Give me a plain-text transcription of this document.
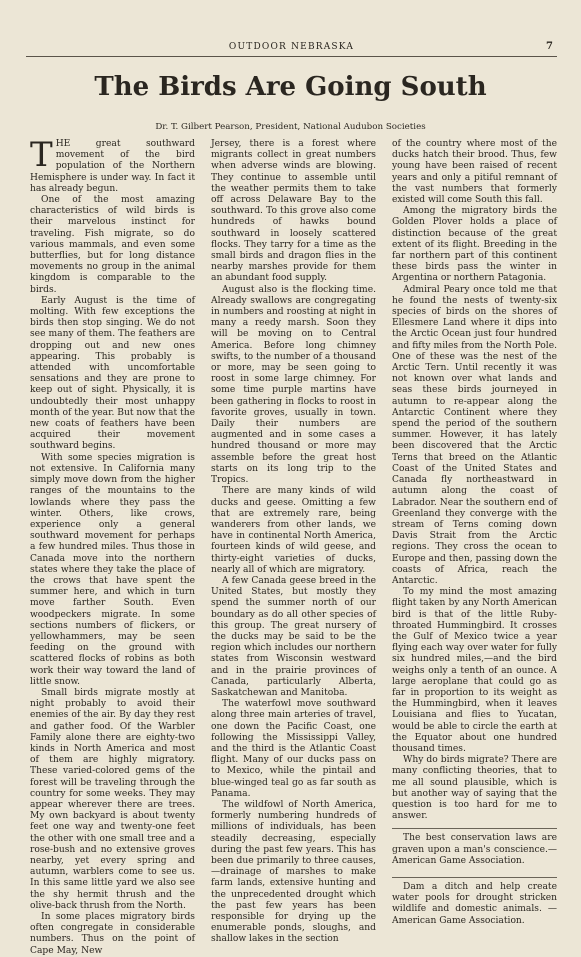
OUTDOOR NEBRASKA	7
The Birds Are Going South

Dr. T. Gilbert Pearson, President, National Audubon Societies

THE great southward movement of the bird population of the Northern Hemisphere is under way. In fact it has already begun.

One of the most amazing characteristics of wild birds is their marvelous instinct for traveling. Fish migrate, so do various mammals, and even some butterflies, but for long distance movements no group in the animal kingdom is comparable to the birds.

Early August is the time of molting. With few exceptions the birds then stop singing. We do not see many of them. The feathers are dropping out and new ones appearing. This probably is attended with uncomfortable sensations and they are prone to keep out of sight. Physically, it is undoubtedly their most unhappy month of the year. But now that the new coats of feathers have been acquired their movement southward begins.

With some species migration is not extensive. In California many simply move down from the higher ranges of the mountains to the lowlands where they pass the winter. Others, like crows, experience only a general southward movement for perhaps a few hundred miles. Thus those in Canada move into the northern states where they take the place of the crows that have spent the summer here, and which in turn move farther South. Even woodpeckers migrate. In some sections numbers of flickers, or yellowhammers, may be seen feeding on the ground with scattered flocks of robins as both work their way toward the land of little snow.

Small birds migrate mostly at night probably to avoid their enemies of the air. By day they rest and gather food. Of the Warbler Family alone there are eighty-two kinds in North America and most of them are highly migratory. These varied-colored gems of the forest will be traveling through the country for some weeks. They may appear wherever there are trees. My own backyard is about twenty feet one way and twenty-one feet the other with one small tree and a rose-bush and no extensive groves nearby, yet every spring and autumn, warblers come to see us. In this same little yard we also see the shy hermit thrush and the olive-back thrush from the North.

In some places migratory birds often congregate in considerable numbers. Thus on the point of Cape May, New

Jersey, there is a forest where migrants collect in great numbers when adverse winds are blowing. They continue to assemble until the weather permits them to take off across Delaware Bay to the southward. To this grove also come hundreds of hawks bound southward in loosely scattered flocks. They tarry for a time as the small birds and dragon flies in the nearby marshes provide for them an abundant food supply.

August also is the flocking time. Already swallows are congregating in numbers and roosting at night in many a reedy marsh. Soon they will be moving on to Central America. Before long chimney swifts, to the number of a thousand or more, may be seen going to roost in some large chimney. For some time purple martins have been gathering in flocks to roost in favorite groves, usually in town. Daily their numbers are augmented and in some cases a hundred thousand or more may assemble before the great host starts on its long trip to the Tropics.

There are many kinds of wild ducks and geese. Omitting a few that are extremely rare, being wanderers from other lands, we have in continental North America, fourteen kinds of wild geese, and thirty-eight varieties of ducks, nearly all of which are migratory.

A few Canada geese breed in the United States, but mostly they spend the summer north of our boundary as do all other species of this group. The great nursery of the ducks may be said to be the region which includes our northern states from Wisconsin westward and in the prairie provinces of Canada, particularly Alberta, Saskatchewan and Manitoba.

The waterfowl move southward along three main arteries of travel, one down the Pacific Coast, one following the Mississippi Valley, and the third is the Atlantic Coast flight. Many of our ducks pass on to Mexico, while the pintail and blue-winged teal go as far south as Panama.

The wildfowl of North America, formerly numbering hundreds of millions of individuals, has been steadily decreasing, especially during the past few years. This has been due primarily to three causes,—drainage of marshes to make farm lands, extensive hunting and the unprecedented drought which the past few years has been responsible for drying up the enumerable ponds, sloughs, and shallow lakes in the section

of the country where most of the ducks hatch their brood. Thus, few young have been raised of recent years and only a pitiful remnant of the vast numbers that formerly existed will come South this fall.

Among the migratory birds the Golden Plover holds a place of distinction because of the great extent of its flight. Breeding in the far northern part of this continent these birds pass the winter in Argentina or northern Patagonia.

Admiral Peary once told me that he found the nests of twenty-six species of birds on the shores of Ellesmere Land where it dips into the Arctic Ocean just four hundred and fifty miles from the North Pole. One of these was the nest of the Arctic Tern. Until recently it was not known over what lands and seas these birds journeyed in autumn to re-appear along the Antarctic Continent where they spend the period of the southern summer. However, it has lately been discovered that the Arctic Terns that breed on the Atlantic Coast of the United States and Canada fly northeastward in autumn along the coast of Labrador. Near the southern end of Greenland they converge with the stream of Terns coming down Davis Strait from the Arctic regions. They cross the ocean to Europe and then, passing down the coasts of Africa, reach the Antarctic.

To my mind the most amazing flight taken by any North American bird is that of the little Ruby-throated Hummingbird. It crosses the Gulf of Mexico twice a year flying each way over water for fully six hundred miles,—and the bird weighs only a tenth of an ounce. A large aeroplane that could go as far in proportion to its weight as the Hummingbird, when it leaves Louisiana and flies to Yucatan, would be able to circle the earth at the Equator about one hundred thousand times.

Why do birds migrate? There are many conflicting theories, that to me all sound plausible, which is but another way of saying that the question is too hard for me to answer.

The best conservation laws are graven upon a man's conscience.—American Game Association.

Dam a ditch and help create water pools for drought stricken wildlife and domestic animals. — American Game Association.
